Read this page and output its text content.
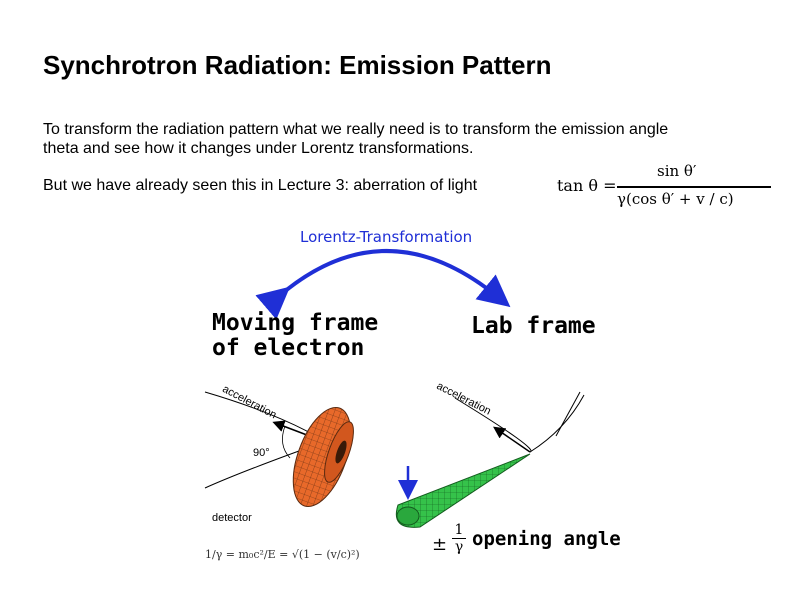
Synchrotron Radiation: Emission Pattern

To transform the radiation pattern what we really need is to transform the emission angle

theta and see how it changes under Lorentz transformations.

But we have already seen this in Lecture 3: aberration of light	tan θ =
sin θ′
γ(cos θ′ + v / c)
Lorentz-Transformation
Moving frame
of electron
Lab frame
acceleration	acceleration
90°
detector
± $\frac{1}{\gamma}$ opening angle
1/γ = m₀c²/E = √(1 − (v/c)²)
